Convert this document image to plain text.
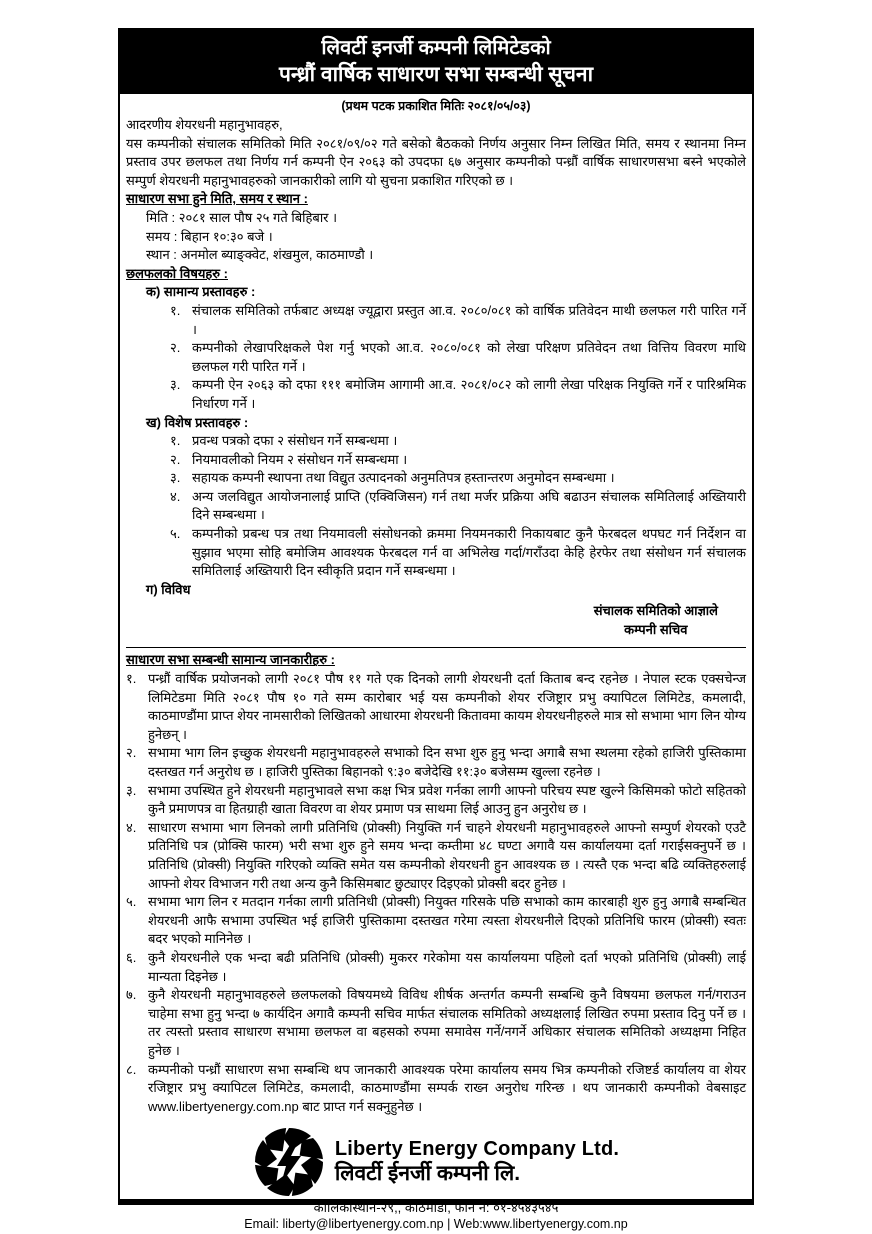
लिवर्टी इनर्जी कम्पनी लिमिटेडको
पन्ध्रौं वार्षिक साधारण सभा सम्बन्धी सूचना
(प्रथम पटक प्रकाशित मितिः २०८१/०५/०३)
आदरणीय शेयरधनी महानुभावहरु,
यस कम्पनीको संचालक समितिको मिति २०८१/०९/०२ गते बसेको बैठकको निर्णय अनुसार निम्न लिखित मिति, समय र स्थानमा निम्न प्रस्ताव उपर छलफल तथा निर्णय गर्न कम्पनी ऐन २०६३ को उपदफा ६७ अनुसार कम्पनीको पन्ध्रौं वार्षिक साधारणसभा बस्ने भएकोले सम्पुर्ण शेयरधनी महानुभावहरुको जानकारीको लागि यो सुचना प्रकाशित गरिएको छ ।
साधारण सभा हुने मिति, समय र स्थान :
मिति : २०८१ साल पौष २५ गते बिहिबार ।
समय : बिहान १०:३० बजे ।
स्थान : अनमोल ब्याङ्क्वेट, शंखमुल, काठमाण्डौ ।
छलफलको विषयहरु :
क) सामान्य प्रस्तावहरु :
१. संचालक समितिको तर्फबाट अध्यक्ष ज्यूद्वारा प्रस्तुत आ.व. २०८०/०८१ को वार्षिक प्रतिवेदन माथी छलफल गरी पारित गर्ने ।
२. कम्पनीको लेखापरिक्षकले पेश गर्नु भएको आ.व. २०८०/०८१ को लेखा परिक्षण प्रतिवेदन तथा वित्तिय विवरण माथि छलफल गरी पारित गर्ने ।
३. कम्पनी ऐन २०६३ को दफा १११ बमोजिम आगामी आ.व. २०८१/०८२ को लागी लेखा परिक्षक नियुक्ति गर्ने र पारिश्रमिक निर्धारण गर्ने ।
ख) विशेष प्रस्तावहरु :
१. प्रवन्ध पत्रको दफा २ संसोधन गर्ने सम्बन्धमा ।
२. नियमावलीको नियम २ संसोधन गर्ने सम्बन्धमा ।
३. सहायक कम्पनी स्थापना तथा विद्युत उत्पादनको अनुमतिपत्र हस्तान्तरण अनुमोदन सम्बन्धमा ।
४. अन्य जलविद्युत आयोजनालाई प्राप्ति (एक्विजिसन) गर्न तथा मर्जर प्रक्रिया अघि बढाउन संचालक समितिलाई अख्तियारी दिने सम्बन्धमा ।
५. कम्पनीको प्रबन्ध पत्र तथा नियमावली संसोधनको क्रममा नियमनकारी निकायबाट कुनै फेरबदल थपघट गर्न निर्देशन वा सुझाव भएमा सोहि बमोजिम आवश्यक फेरबदल गर्न वा अभिलेख गर्दा/गराँउदा केहि हेरफेर तथा संसोधन गर्न संचालक समितिलाई अख्तियारी दिन स्वीकृति प्रदान गर्ने सम्बन्धमा ।
ग) विविध
संचालक समितिको आज्ञाले
कम्पनी सचिव
साधारण सभा सम्बन्धी सामान्य जानकारीहरु :
१. पन्ध्रौं वार्षिक प्रयोजनको लागी २०८१ पौष ११ गते एक दिनको लागी शेयरधनी दर्ता किताब बन्द रहनेछ । नेपाल स्टक एक्सचेन्ज लिमिटेडमा मिति २०८१ पौष १० गते सम्म कारोबार भई यस कम्पनीको शेयर रजिष्ट्रार प्रभु क्यापिटल लिमिटेड, कमलादी, काठमाण्डौंमा प्राप्त शेयर नामसारीको लिखितको आधारमा शेयरधनी कितावमा कायम शेयरधनीहरुले मात्र सो सभामा भाग लिन योग्य हुनेछन् ।
२. सभामा भाग लिन इच्छुक शेयरधनी महानुभावहरुले सभाको दिन सभा शुरु हुनु भन्दा अगाबै सभा स्थलमा रहेको हाजिरी पुस्तिकामा दस्तखत गर्न अनुरोध छ । हाजिरी पुस्तिका बिहानको ९:३० बजेदेखि ११:३० बजेसम्म खुल्ला रहनेछ ।
३. सभामा उपस्थित हुने शेयरधनी महानुभावले सभा कक्ष भित्र प्रवेश गर्नका लागी आफ्नो परिचय स्पष्ट खुल्ने किसिमको फोटो सहितको कुनै प्रमाणपत्र वा हितग्राही खाता विवरण वा शेयर प्रमाण पत्र साथमा लिई आउनु हुन अनुरोध छ ।
४. साधारण सभामा भाग लिनको लागी प्रतिनिधि (प्रोक्सी) नियुक्ति गर्न चाहने शेयरधनी महानुभावहरुले आफ्नो सम्पुर्ण शेयरको एउटै प्रतिनिधि पत्र (प्रोक्सि फारम) भरी सभा शुरु हुने समय भन्दा कम्तीमा ४८ घण्टा अगावै यस कार्यालयमा दर्ता गराईसक्नुपर्ने छ । प्रतिनिधि (प्रोक्सी) नियुक्ति गरिएको व्यक्ति समेत यस कम्पनीको शेयरधनी हुन आवश्यक छ । त्यस्तै एक भन्दा बढि व्यक्तिहरुलाई आफ्नो शेयर विभाजन गरी तथा अन्य कुनै किसिमबाट छुट्याएर दिइएको प्रोक्सी बदर हुनेछ ।
५. सभामा भाग लिन र मतदान गर्नका लागी प्रतिनिधी (प्रोक्सी) नियुक्त गरिसके पछि सभाको काम कारबाही शुरु हुनु अगाबै सम्बन्धित शेयरधनी आफै सभामा उपस्थित भई हाजिरी पुस्तिकामा दस्तखत गरेमा त्यस्ता शेयरधनीले दिएको प्रतिनिधि फारम (प्रोक्सी) स्वतः बदर भएको मानिनेछ ।
६. कुनै शेयरधनीले एक भन्दा बढी प्रतिनिधि (प्रोक्सी) मुकरर गरेकोमा यस कार्यालयमा पहिलो दर्ता भएको प्रतिनिधि (प्रोक्सी) लाई मान्यता दिइनेछ ।
७. कुनै शेयरधनी महानुभावहरुले छलफलको विषयमध्ये विविध शीर्षक अन्तर्गत कम्पनी सम्बन्धि कुनै विषयमा छलफल गर्न/गराउन चाहेमा सभा हुनु भन्दा ७ कार्यदिन अगावै कम्पनी सचिव मार्फत संचालक समितिको अध्यक्षलाई लिखित रुपमा प्रस्ताव दिनु पर्ने छ । तर त्यस्तो प्रस्ताव साधारण सभामा छलफल वा बहसको रुपमा समावेस गर्ने/नगर्ने अधिकार संचालक समितिको अध्यक्षमा निहित हुनेछ ।
८. कम्पनीको पन्ध्रौं साधारण सभा सम्बन्धि थप जानकारी आवश्यक परेमा कार्यालय समय भित्र कम्पनीको रजिष्टर्ड कार्यालय वा शेयर रजिष्ट्रार प्रभु क्यापिटल लिमिटेड, कमलादी, काठमाण्डौंमा सम्पर्क राख्न अनुरोध गरिन्छ । थप जानकारी कम्पनीको वेबसाइट www.libertyenergy.com.np बाट प्राप्त गर्न सक्नुहुनेछ ।
Liberty Energy Company Ltd.
लिवर्टी ईनर्जी कम्पनी लि.
कालिकास्थान-२९,, काठमाडौं, फोन नं: ०१-४५४३५४५
Email: liberty@libertyenergy.com.np | Web:www.libertyenergy.com.np
